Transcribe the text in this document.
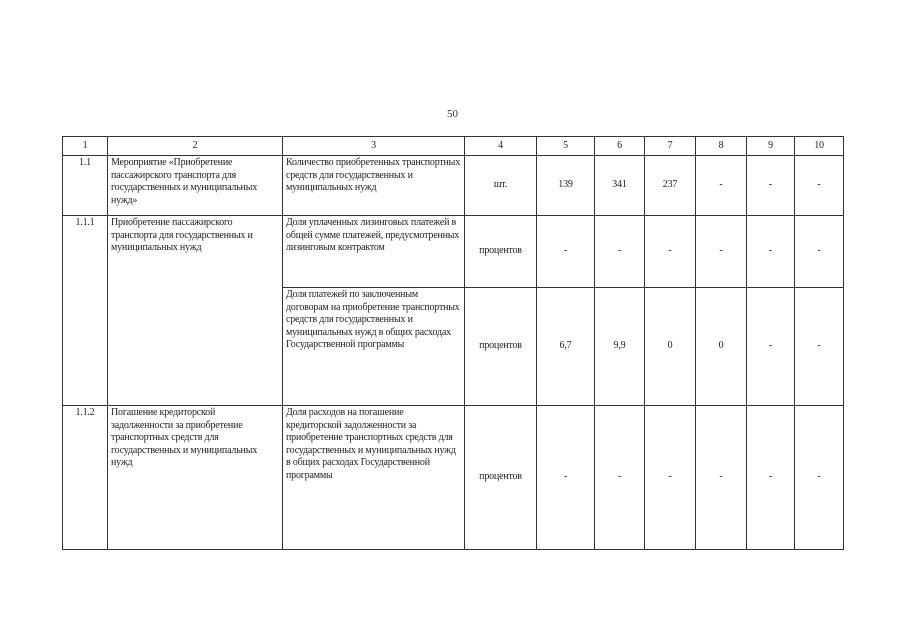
50
1	2	3	4	5	6	7	8	9	10
1.1	Мероприятие «Приобретение пассажирского транспорта для государственных и муниципальных нужд»	Количество приобретенных транспортных средств для государственных и муниципальных нужд	шт.	139	341	237	-	-	-
1.1.1	Приобретение пассажирского транспорта для государственных и муниципальных нужд	Доля уплаченных лизинговых платежей в общей сумме платежей, предусмотренных лизинговым контрактом	процентов	-	-	-	-	-	-
		Доля платежей по заключенным договорам на приобретение транспортных средств для государственных и муниципальных нужд в общих расходах Государственной программы	процентов	6,7	9,9	0	0	-	-
1.1.2	Погашение кредиторской задолженности за приобретение транспортных средств для государственных и муниципальных нужд	Доля расходов на погашение кредиторской задолженности за приобретение транспортных средств для государственных и муниципальных нужд в общих расходах Государственной программы	процентов	-	-	-	-	-	-
